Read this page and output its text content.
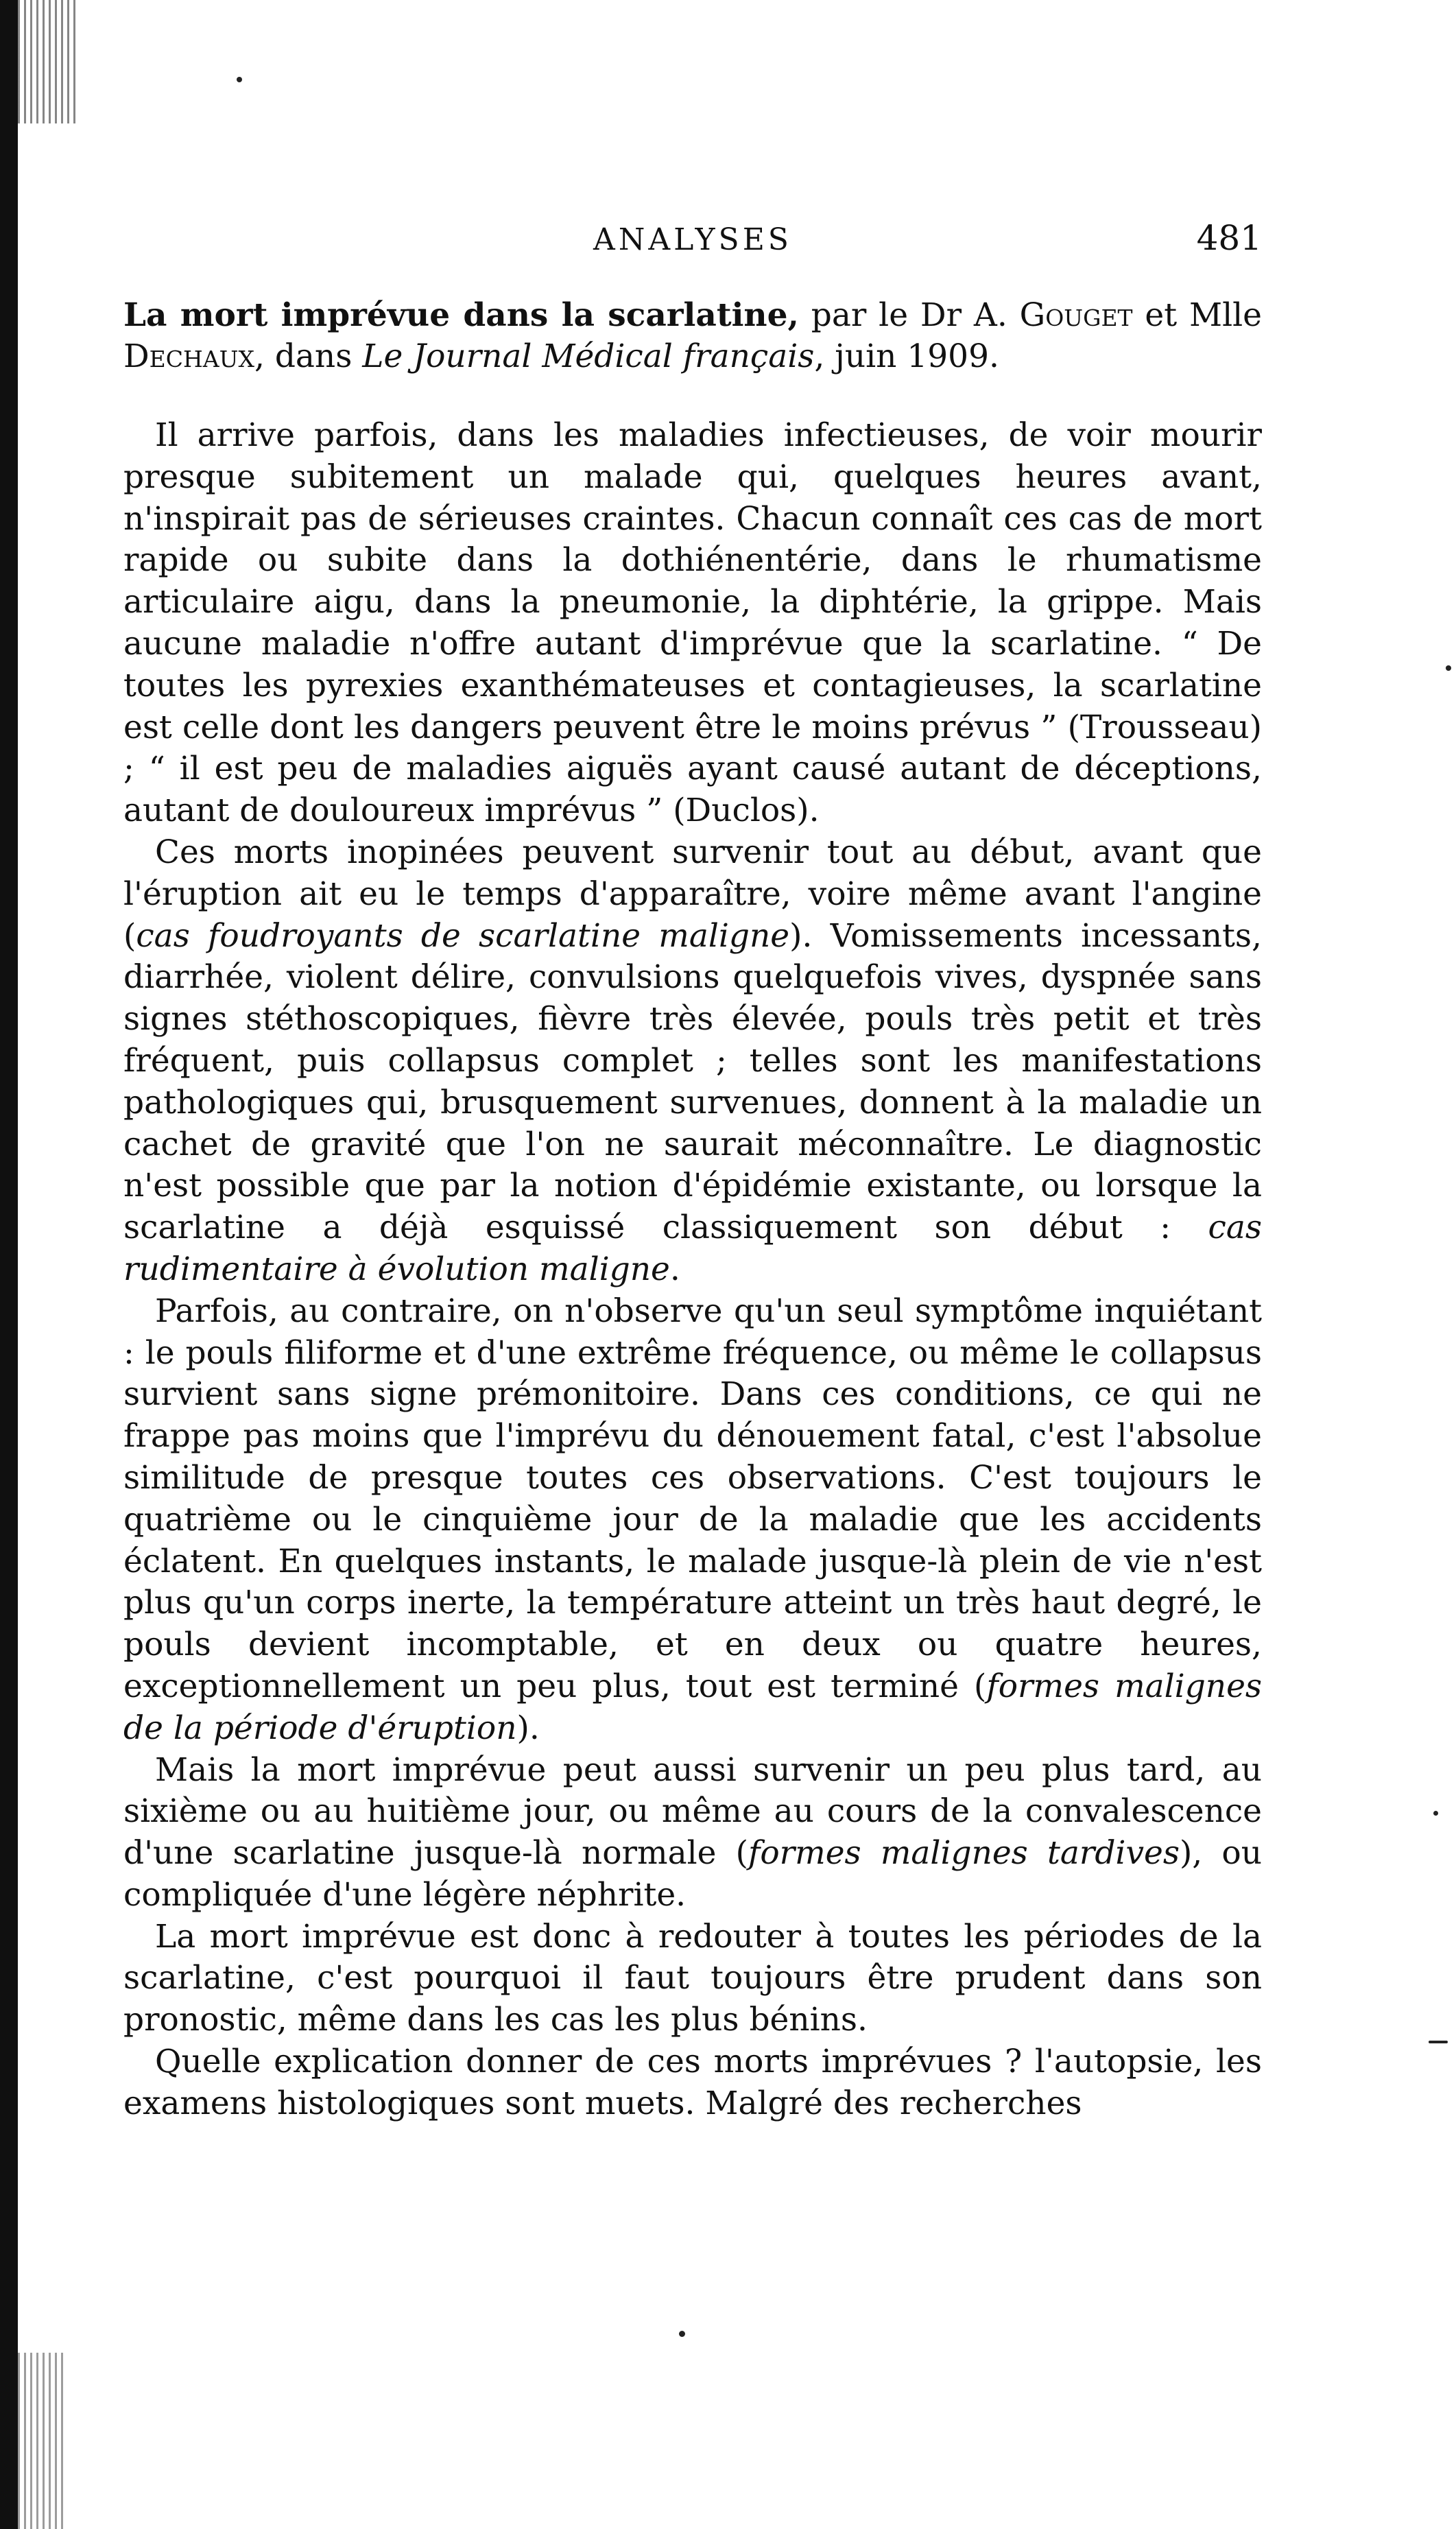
ANALYSES	481
La mort imprévue dans la scarlatine, par le Dr A. Gouget et Mlle Dechaux, dans Le Journal Médical français, juin 1909.

Il arrive parfois, dans les maladies infectieuses, de voir mourir presque subitement un malade qui, quelques heures avant, n'inspirait pas de sérieuses craintes. Chacun connaît ces cas de mort rapide ou subite dans la dothiénentérie, dans le rhumatisme articulaire aigu, dans la pneumonie, la diphtérie, la grippe. Mais aucune maladie n'offre autant d'imprévue que la scarlatine. “ De toutes les pyrexies exanthémateuses et contagieuses, la scarlatine est celle dont les dangers peuvent être le moins prévus ” (Trousseau) ; “ il est peu de maladies aiguës ayant causé autant de déceptions, autant de douloureux imprévus ” (Duclos).

Ces morts inopinées peuvent survenir tout au début, avant que l'éruption ait eu le temps d'apparaître, voire même avant l'angine (cas foudroyants de scarlatine maligne). Vomissements incessants, diarrhée, violent délire, convulsions quelquefois vives, dyspnée sans signes stéthoscopiques, fièvre très élevée, pouls très petit et très fréquent, puis collapsus complet ; telles sont les manifestations pathologiques qui, brusquement survenues, donnent à la maladie un cachet de gravité que l'on ne saurait méconnaître. Le diagnostic n'est possible que par la notion d'épidémie existante, ou lorsque la scarlatine a déjà esquissé classiquement son début : cas rudimentaire à évolution maligne.

Parfois, au contraire, on n'observe qu'un seul symptôme inquiétant : le pouls filiforme et d'une extrême fréquence, ou même le collapsus survient sans signe prémonitoire. Dans ces conditions, ce qui ne frappe pas moins que l'imprévu du dénouement fatal, c'est l'absolue similitude de presque toutes ces observations. C'est toujours le quatrième ou le cinquième jour de la maladie que les accidents éclatent. En quelques instants, le malade jusque-là plein de vie n'est plus qu'un corps inerte, la température atteint un très haut degré, le pouls devient incomptable, et en deux ou quatre heures, exceptionnellement un peu plus, tout est terminé (formes malignes de la période d'éruption).

Mais la mort imprévue peut aussi survenir un peu plus tard, au sixième ou au huitième jour, ou même au cours de la convalescence d'une scarlatine jusque-là normale (formes malignes tardives), ou compliquée d'une légère néphrite.

La mort imprévue est donc à redouter à toutes les périodes de la scarlatine, c'est pourquoi il faut toujours être prudent dans son pronostic, même dans les cas les plus bénins.

Quelle explication donner de ces morts imprévues ? l'autopsie, les examens histologiques sont muets. Malgré des recherches
